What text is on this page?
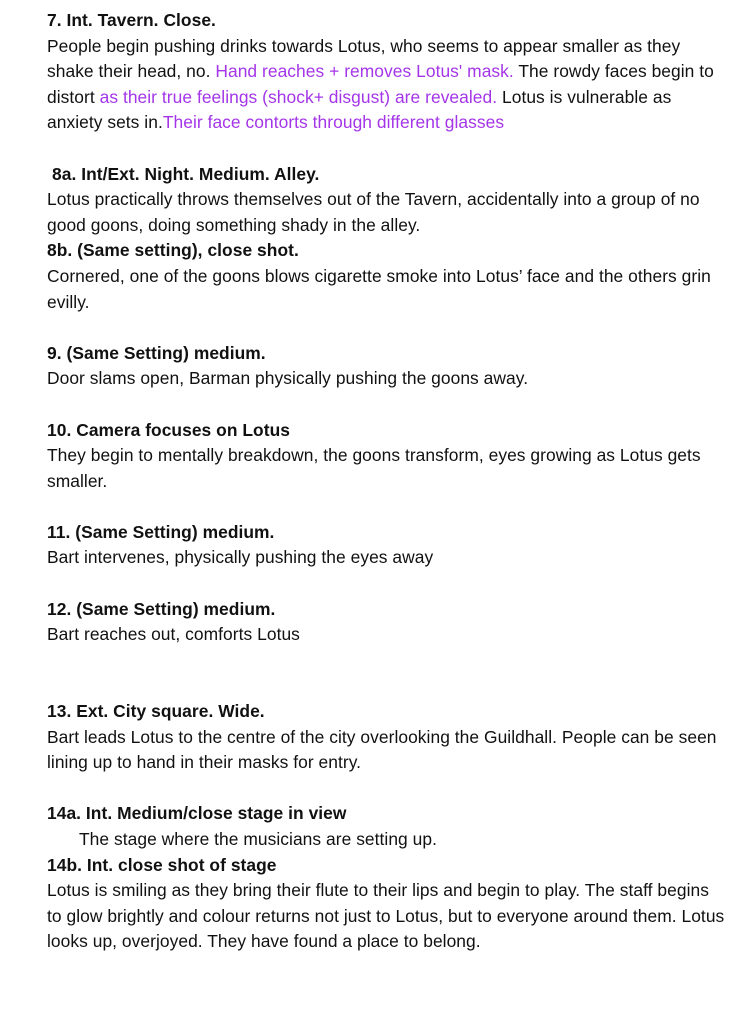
7. Int. Tavern. Close.

People begin pushing drinks towards Lotus, who seems to appear smaller as they shake their head, no. Hand reaches + removes Lotus' mask. The rowdy faces begin to distort as their true feelings (shock+ disgust) are revealed. Lotus is vulnerable as anxiety sets in.Their face contorts through different glasses

8a. Int/Ext. Night. Medium. Alley.

Lotus practically throws themselves out of the Tavern, accidentally into a group of no good goons, doing something shady in the alley.

8b. (Same setting), close shot.

Cornered, one of the goons blows cigarette smoke into Lotus’ face and the others grin evilly.

9. (Same Setting) medium.

Door slams open, Barman physically pushing the goons away.

10. Camera focuses on Lotus

They begin to mentally breakdown, the goons transform, eyes growing as Lotus gets smaller.

11. (Same Setting) medium.

Bart intervenes, physically pushing the eyes away

12. (Same Setting) medium.

Bart reaches out, comforts Lotus

13. Ext. City square. Wide.

Bart leads Lotus to the centre of the city overlooking the Guildhall. People can be seen lining up to hand in their masks for entry.

14a. Int. Medium/close stage in view

The stage where the musicians are setting up.

14b. Int. close shot of stage

Lotus is smiling as they bring their flute to their lips and begin to play. The staff begins to glow brightly and colour returns not just to Lotus, but to everyone around them. Lotus looks up, overjoyed. They have found a place to belong.
